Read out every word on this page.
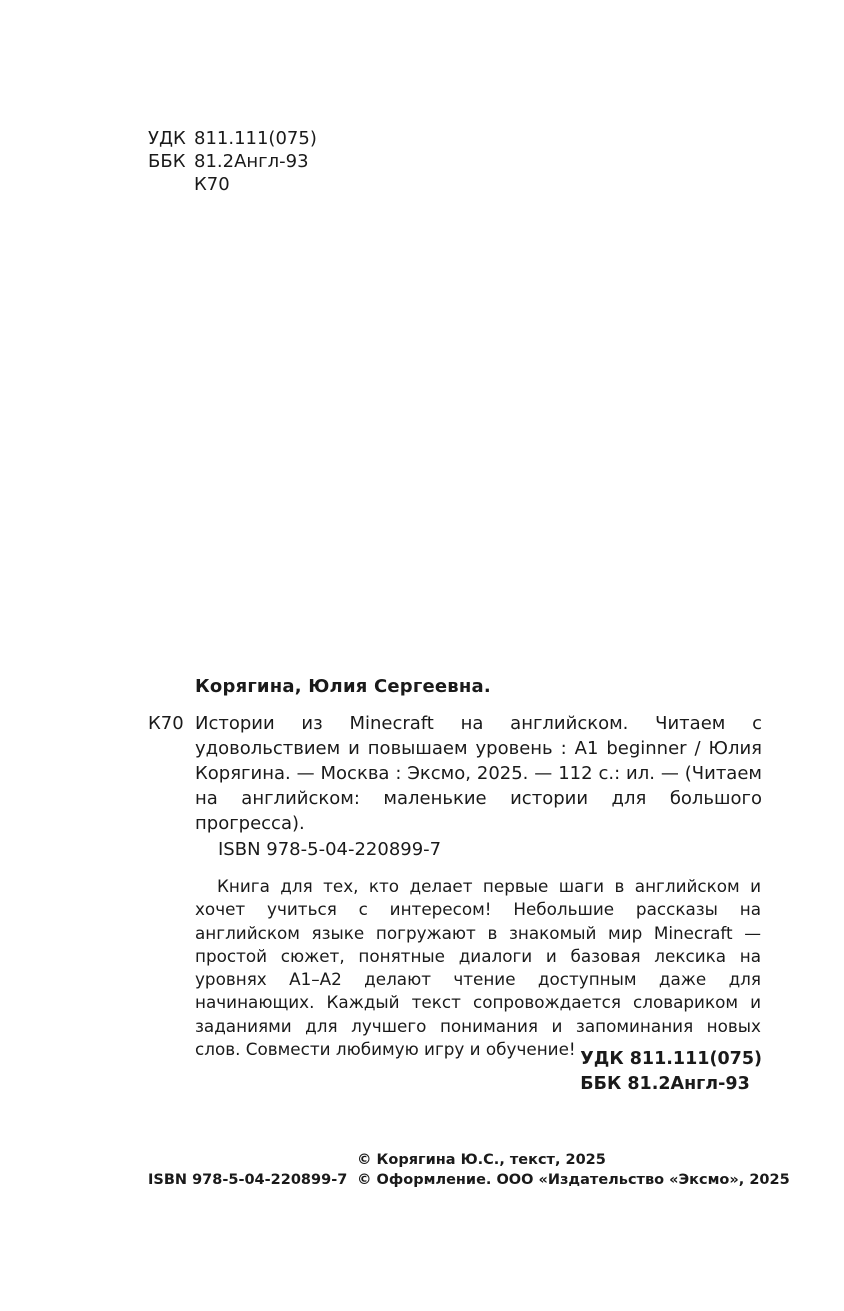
УДК 811.111(075)
ББК 81.2Англ-93
К70
Корягина, Юлия Сергеевна.
К70 Истории из Minecraft на английском. Читаем с удовольствием и повышаем уровень : A1 beginner / Юлия Корягина. — Москва : Эксмо, 2025. — 112 с.: ил. — (Читаем на английском: маленькие истории для большого прогресса).
ISBN 978-5-04-220899-7
Книга для тех, кто делает первые шаги в английском и хочет учиться с интересом! Небольшие рассказы на английском языке погружают в знакомый мир Minecraft — простой сюжет, понятные диалоги и базовая лексика на уровнях A1–A2 делают чтение доступным даже для начинающих. Каждый текст сопровождается словариком и заданиями для лучшего понимания и запоминания новых слов. Совмести любимую игру и обучение! УДК 811.111(075)
ББК 81.2Англ-93
© Корягина Ю.С., текст, 2025
© Оформление. ООО «Издательство «Эксмо», 2025
ISBN 978-5-04-220899-7
